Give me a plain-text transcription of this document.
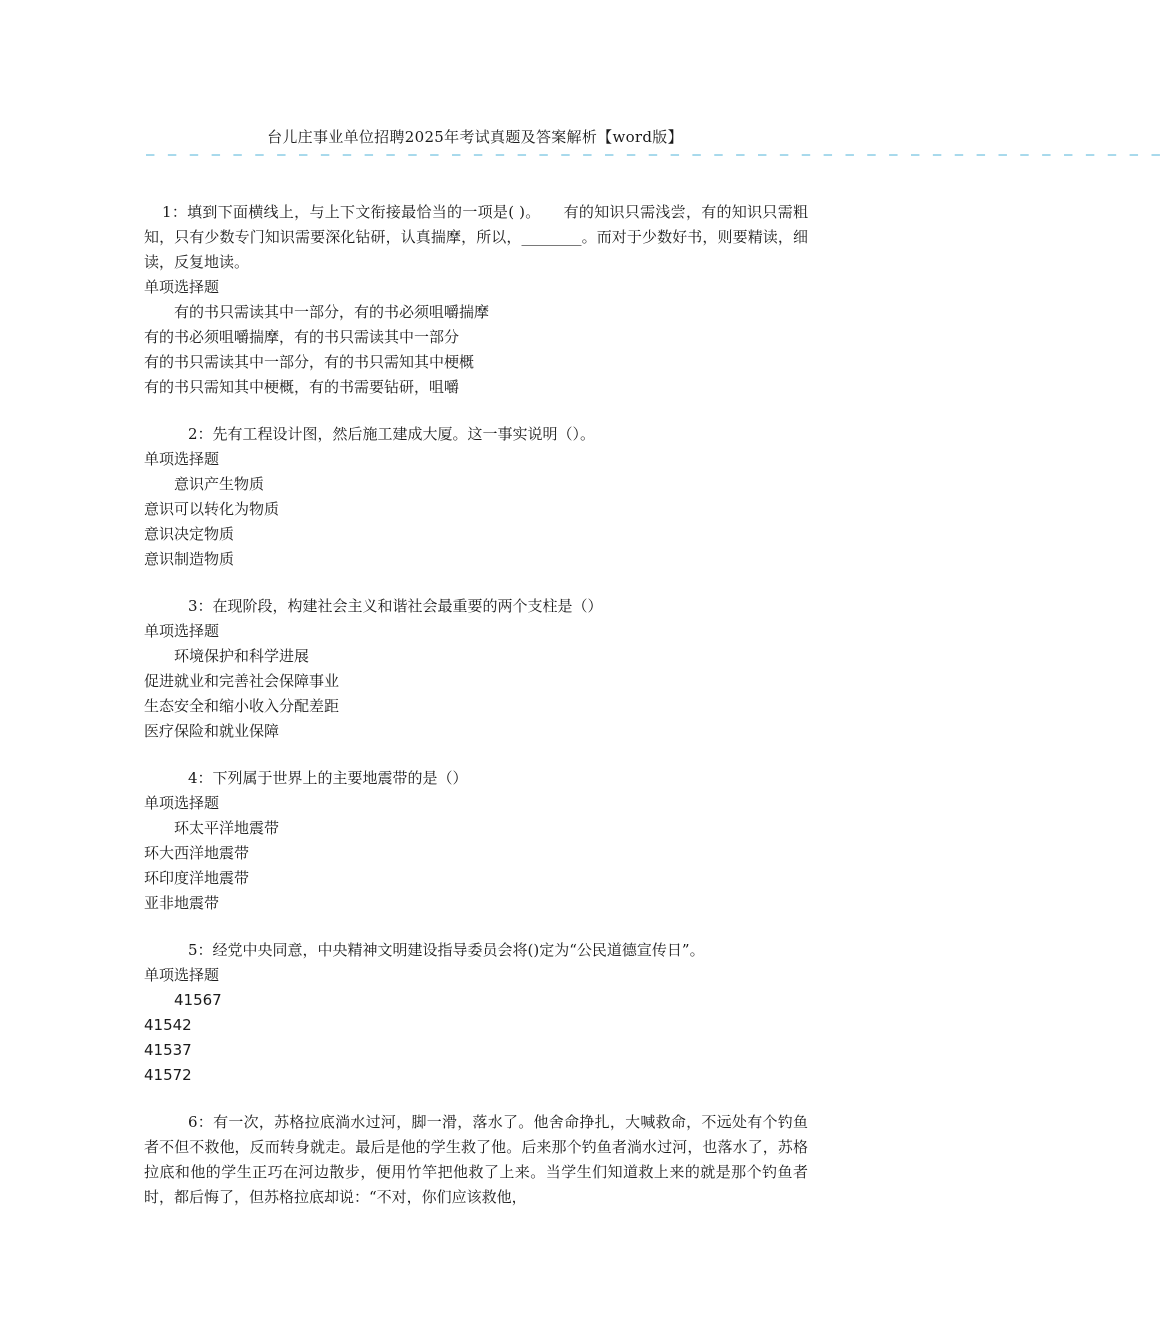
台儿庄事业单位招聘2025年考试真题及答案解析【word版】
— — — — — — — — — — — — — — — — — — — — — — — — — — — — — — — — — — — — — — — — — — — — — — —

1：填到下面横线上，与上下文衔接最恰当的一项是( )。　　有的知识只需浅尝，有的知识只需粗知，只有少数专门知识需要深化钻研，认真揣摩，所以，________。而对于少数好书，则要精读，细读，反复地读。

单项选择题

有的书只需读其中一部分，有的书必须咀嚼揣摩

有的书必须咀嚼揣摩，有的书只需读其中一部分

有的书只需读其中一部分，有的书只需知其中梗概

有的书只需知其中梗概，有的书需要钻研，咀嚼

2：先有工程设计图，然后施工建成大厦。这一事实说明（）。

单项选择题

意识产生物质

意识可以转化为物质

意识决定物质

意识制造物质

3：在现阶段，构建社会主义和谐社会最重要的两个支柱是（）

单项选择题

环境保护和科学进展

促进就业和完善社会保障事业

生态安全和缩小收入分配差距

医疗保险和就业保障

4：下列属于世界上的主要地震带的是（）

单项选择题

环太平洋地震带

环大西洋地震带

环印度洋地震带

亚非地震带

5：经党中央同意，中央精神文明建设指导委员会将()定为“公民道德宣传日”。

单项选择题

41567

41542

41537

41572

6：有一次，苏格拉底淌水过河，脚一滑，落水了。他舍命挣扎，大喊救命，不远处有个钓鱼者不但不救他，反而转身就走。最后是他的学生救了他。后来那个钓鱼者淌水过河，也落水了，苏格拉底和他的学生正巧在河边散步，便用竹竿把他救了上来。当学生们知道救上来的就是那个钓鱼者时，都后悔了，但苏格拉底却说：“不对，你们应该救他，
